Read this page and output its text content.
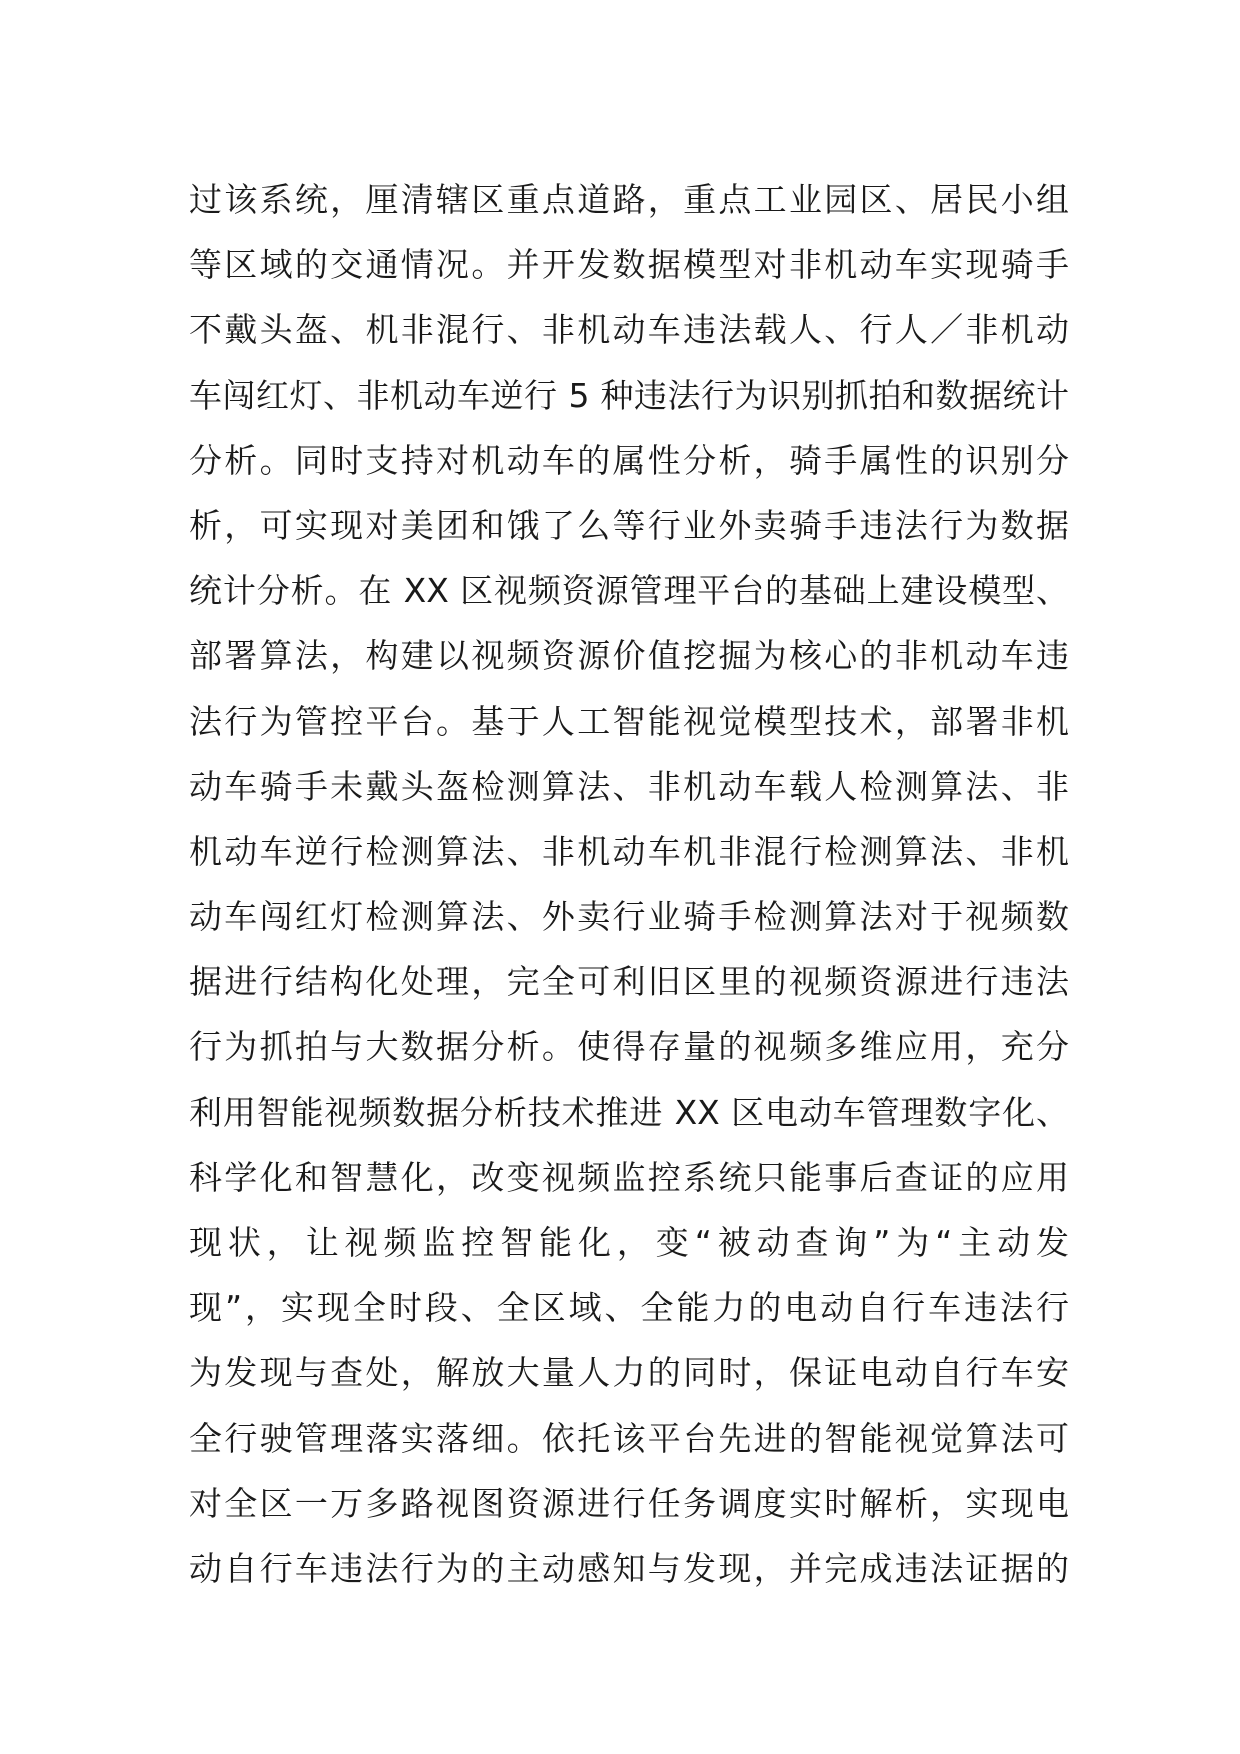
过该系统，厘清辖区重点道路，重点工业园区、居民小组
等区域的交通情况。并开发数据模型对非机动车实现骑手
不戴头盔、机非混行、非机动车违法载人、行人／非机动
车闯红灯、非机动车逆行 5 种违法行为识别抓拍和数据统计
分析。同时支持对机动车的属性分析，骑手属性的识别分
析，可实现对美团和饿了么等行业外卖骑手违法行为数据
统计分析。在 XX 区视频资源管理平台的基础上建设模型、
部署算法，构建以视频资源价值挖掘为核心的非机动车违
法行为管控平台。基于人工智能视觉模型技术，部署非机
动车骑手未戴头盔检测算法、非机动车载人检测算法、非
机动车逆行检测算法、非机动车机非混行检测算法、非机
动车闯红灯检测算法、外卖行业骑手检测算法对于视频数
据进行结构化处理，完全可利旧区里的视频资源进行违法
行为抓拍与大数据分析。使得存量的视频多维应用，充分
利用智能视频数据分析技术推进 XX 区电动车管理数字化、
科学化和智慧化，改变视频监控系统只能事后查证的应用
现状，让视频监控智能化，变“被动查询”为“主动发
现”，实现全时段、全区域、全能力的电动自行车违法行
为发现与查处，解放大量人力的同时，保证电动自行车安
全行驶管理落实落细。依托该平台先进的智能视觉算法可
对全区一万多路视图资源进行任务调度实时解析，实现电
动自行车违法行为的主动感知与发现，并完成违法证据的
